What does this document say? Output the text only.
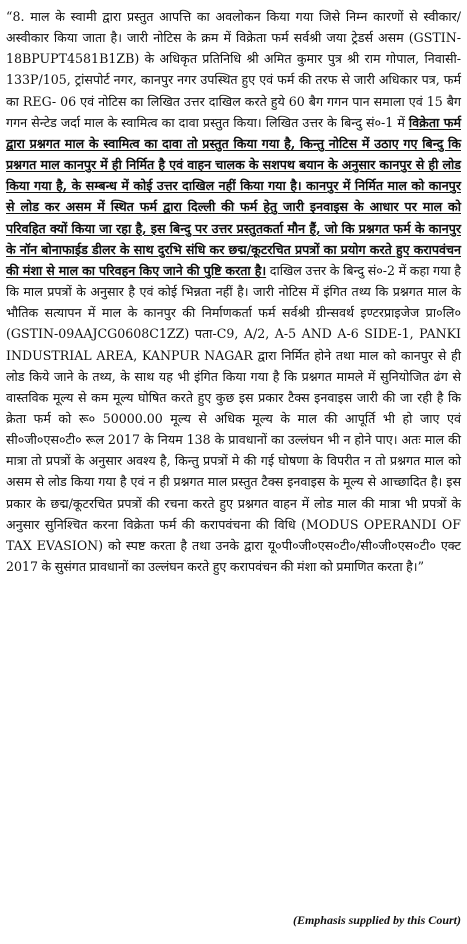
“8. माल के स्वामी द्वारा प्रस्तुत आपत्ति का अवलोकन किया गया जिसे निम्न कारणों से स्वीकार/अस्वीकार किया जाता है। जारी नोटिस के क्रम में विक्रेता फर्म सर्वश्री जया ट्रेडर्स असम (GSTIN- 18BPUPT4581B1ZB) के अधिकृत प्रतिनिधि श्री अमित कुमार पुत्र श्री राम गोपाल, निवासी- 133P/105, ट्रांसपोर्ट नगर, कानपुर नगर उपस्थित हुए एवं फर्म की तरफ से जारी अधिकार पत्र, फर्म का REG- 06 एवं नोटिस का लिखित उत्तर दाखिल करते हुये 60 बैग गगन पान समाला एवं 15 बैग गगन सेन्टेड जर्दा माल के स्वामित्व का दावा प्रस्तुत किया। लिखित उत्तर के बिन्दु सं०-1 में विक्रेता फर्म द्वारा प्रश्नगत माल के स्वामित्व का दावा तो प्रस्तुत किया गया है, किन्तु नोटिस में उठाए गए बिन्दु कि प्रश्नगत माल कानपुर में ही निर्मित है एवं वाहन चालक के सशपथ बयान के अनुसार कानपुर से ही लोड किया गया है, के सम्बन्ध में कोई उत्तर दाखिल नहीं किया गया है। कानपुर में निर्मित माल को कानपुर से लोड कर असम में स्थित फर्म द्वारा दिल्ली की फर्म हेतु जारी इनवाइस के आधार पर माल को परिवहित क्यों किया जा रहा है, इस बिन्दु पर उत्तर प्रस्तुतकर्ता मौन हैं, जो कि प्रश्नगत फर्म के कानपुर के नॉन बोनाफाईड डीलर के साथ दुरभि संधि कर छद्म/कूटरचित प्रपत्रों का प्रयोग करते हुए करापवंचन की मंशा से माल का परिवहन किए जाने की पुष्टि करता है। दाखिल उत्तर के बिन्दु सं०-2 में कहा गया है कि माल प्रपत्रों के अनुसार है एवं कोई भिन्नता नहीं है। जारी नोटिस में इंगित तथ्य कि प्रश्नगत माल के भौतिक सत्यापन में माल के कानपुर की निर्माणकर्ता फर्म सर्वश्री ग्रीन्सवर्थ इण्टरप्राइजेज प्रा०लि० (GSTIN-09AAJCG0608C1ZZ) पता-C9, A/2, A-5 AND A-6 SIDE-1, PANKI INDUSTRIAL AREA, KANPUR NAGAR द्वारा निर्मित होने तथा माल को कानपुर से ही लोड किये जाने के तथ्य, के साथ यह भी इंगित किया गया है कि प्रश्नगत मामले में सुनियोजित ढंग से वास्तविक मूल्य से कम मूल्य घोषित करते हुए कुछ इस प्रकार टैक्स इनवाइस जारी की जा रही है कि क्रेता फर्म को रू० 50000.00 मूल्य से अधिक मूल्य के माल की आपूर्ति भी हो जाए एवं सी०जी०एस०टी० रूल 2017 के नियम 138 के प्रावधानों का उल्लंघन भी न होने पाए। अतः माल की मात्रा तो प्रपत्रों के अनुसार अवश्य है, किन्तु प्रपत्रों मे की गई घोषणा के विपरीत न तो प्रश्नगत माल को असम से लोड किया गया है एवं न ही प्रश्नगत माल प्रस्तुत टैक्स इनवाइस के मूल्य से आच्छादित है। इस प्रकार के छद्म/कूटरचित प्रपत्रों की रचना करते हुए प्रश्नगत वाहन में लोड माल की मात्रा भी प्रपत्रों के अनुसार सुनिश्चित करना विक्रेता फर्म की करापवंचना की विधि (MODUS OPERANDI OF TAX EVASION) को स्पष्ट करता है तथा उनके द्वारा यू०पी०जी०एस०टी०/सी०जी०एस०टी० एक्ट 2017 के सुसंगत प्रावधानों का उल्लंघन करते हुए करापवंचन की मंशा को प्रमाणित करता है।”

(Emphasis supplied by this Court)
